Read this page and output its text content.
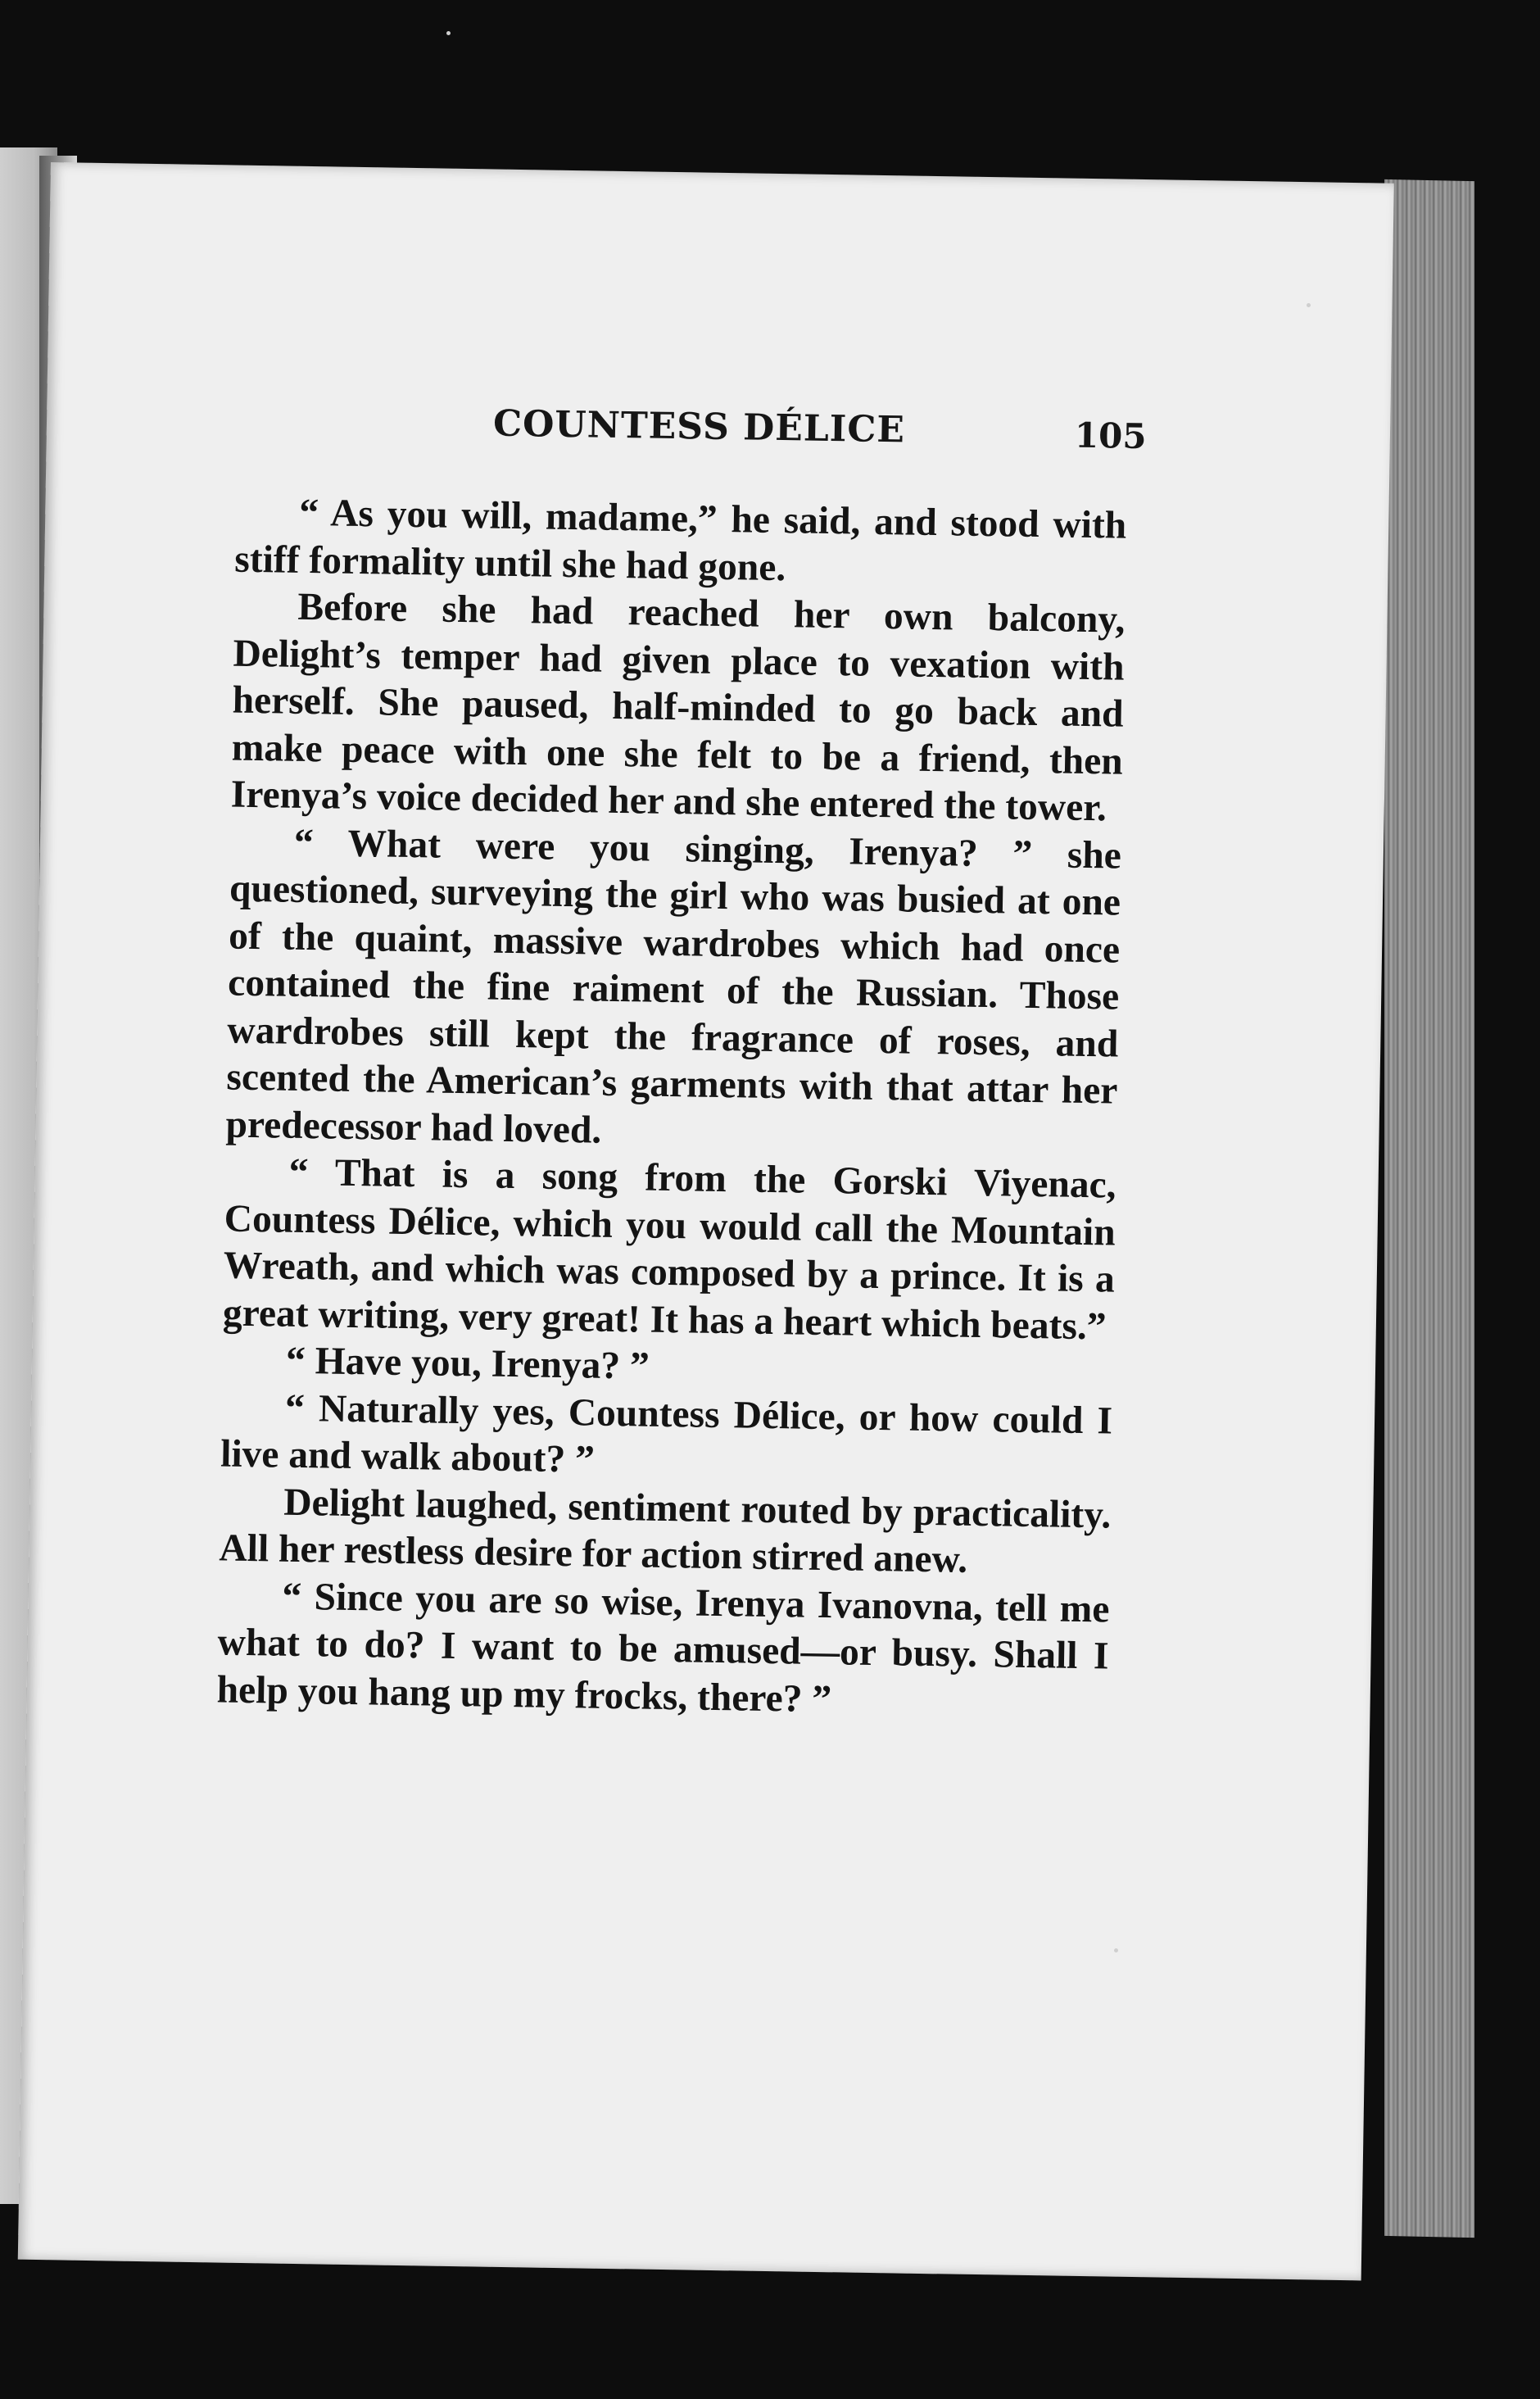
COUNTESS DÉLICE	105

“ As you will, madame,” he said, and stood with stiff formality until she had gone.

Before she had reached her own balcony, Delight’s temper had given place to vexation with herself. She paused, half-minded to go back and make peace with one she felt to be a friend, then Irenya’s voice decided her and she entered the tower.

“ What were you singing, Irenya? ” she questioned, surveying the girl who was busied at one of the quaint, massive wardrobes which had once contained the fine raiment of the Russian. Those wardrobes still kept the fragrance of roses, and scented the American’s garments with that attar her predecessor had loved.

“ That is a song from the Gorski Viyenac, Countess Délice, which you would call the Mountain Wreath, and which was composed by a prince. It is a great writing, very great! It has a heart which beats.”

“ Have you, Irenya? ”

“ Naturally yes, Countess Délice, or how could I live and walk about? ”

Delight laughed, sentiment routed by practicality. All her restless desire for action stirred anew.

“ Since you are so wise, Irenya Ivanovna, tell me what to do? I want to be amused—or busy. Shall I help you hang up my frocks, there? ”
